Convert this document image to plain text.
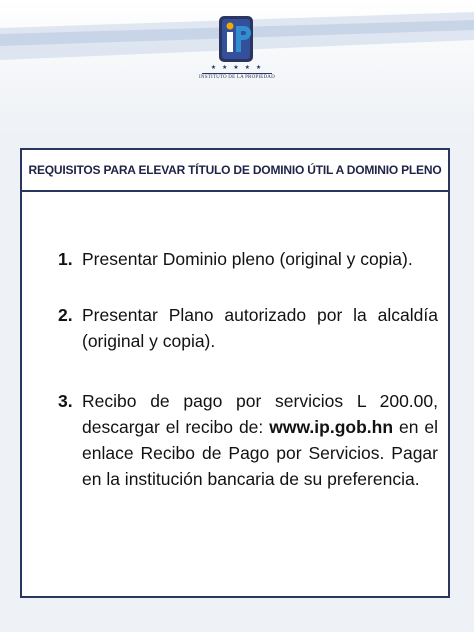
★ ★ ★ ★ ★
INSTITUTO DE LA PROPIEDAD
REQUISITOS PARA ELEVAR TÍTULO DE DOMINIO ÚTIL A DOMINIO PLENO
1. Presentar Dominio pleno (original y copia).
2. Presentar Plano autorizado por la alcaldía (original y copia).
3. Recibo de pago por servicios L 200.00, descargar el recibo de: www.ip.gob.hn en el enlace Recibo de Pago por Servicios. Pagar en la institución bancaria de su preferencia.
